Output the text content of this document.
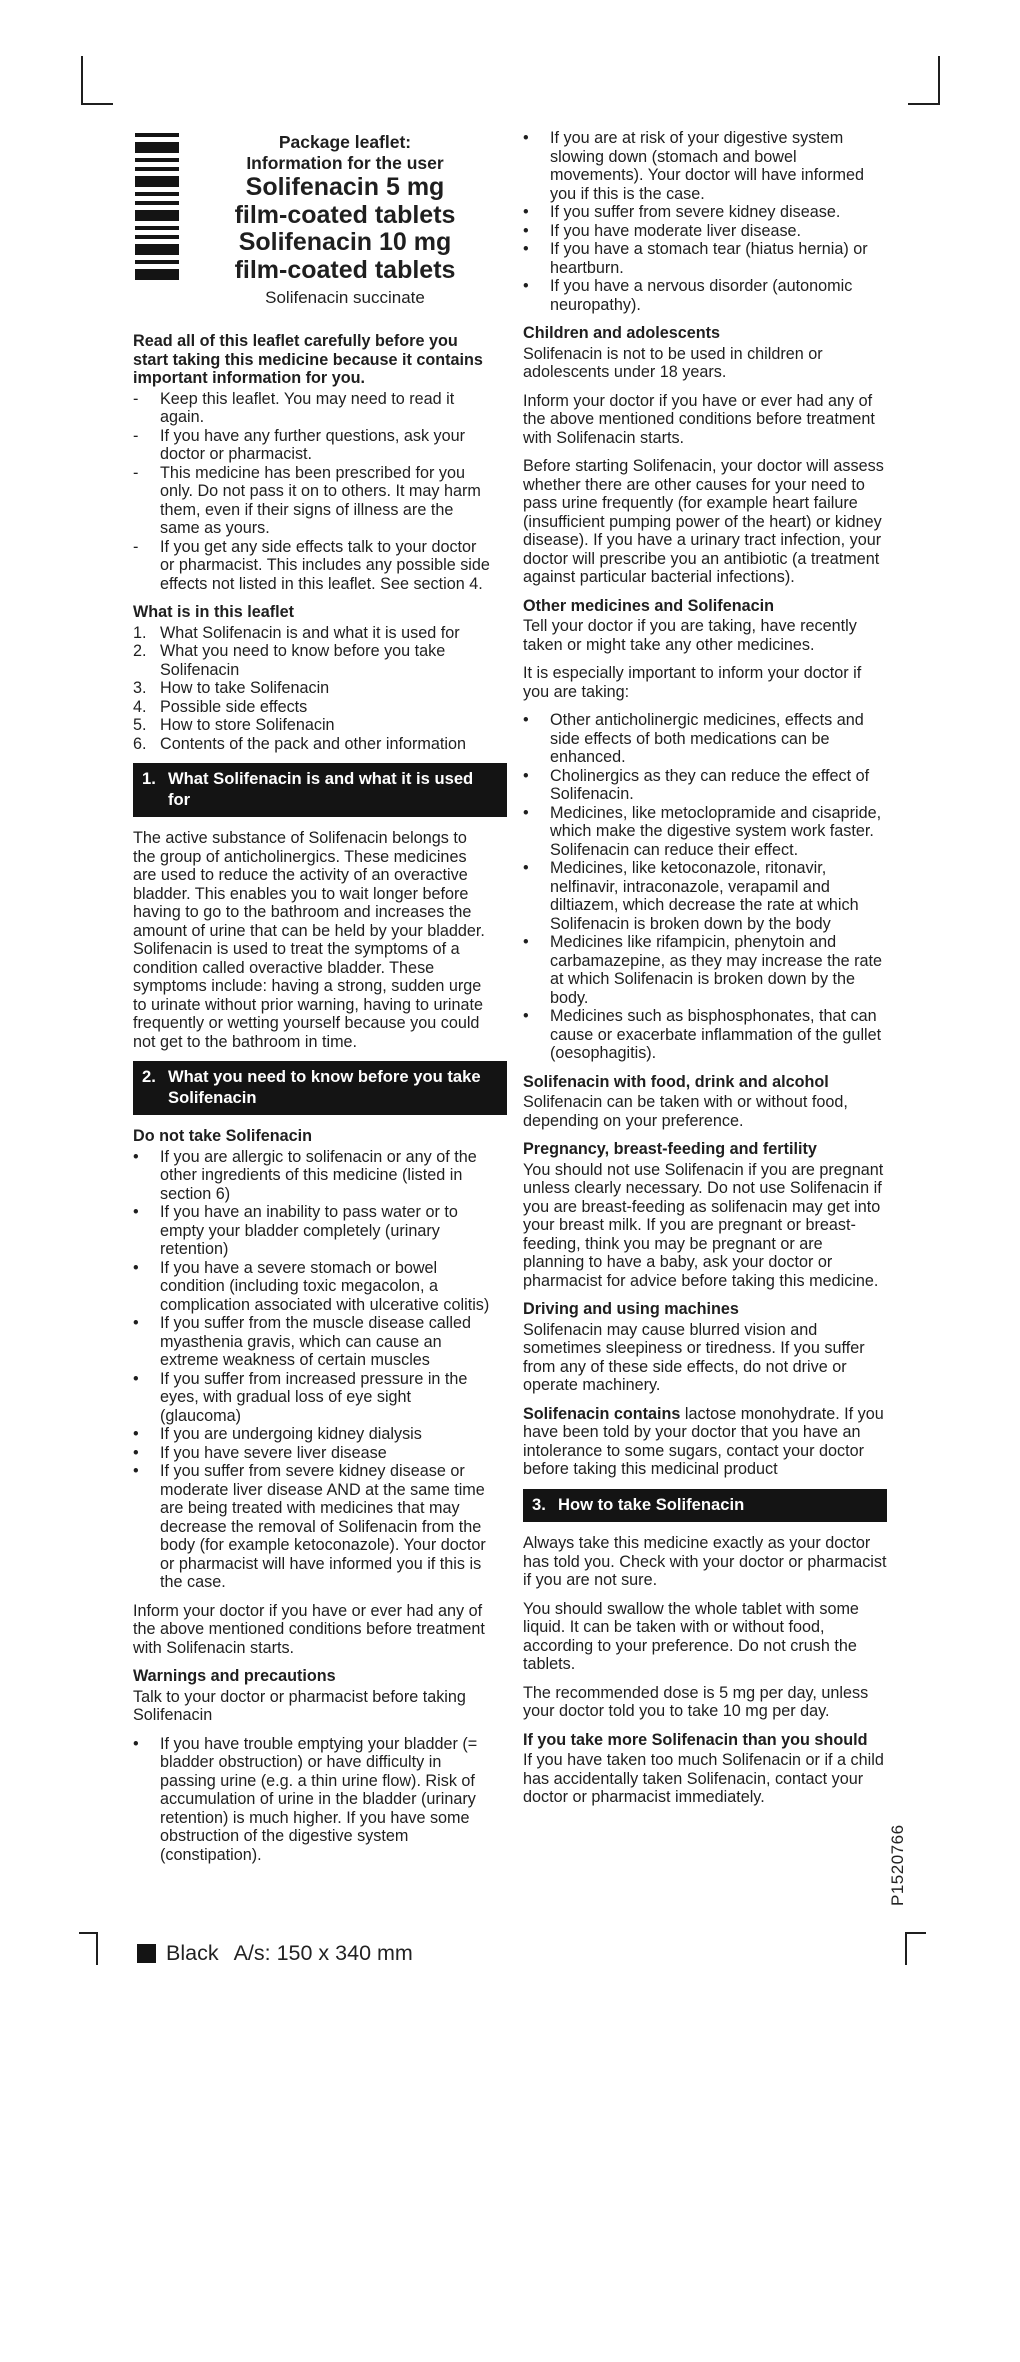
Package leaflet:
Information for the user
Solifenacin 5 mg
film-coated tablets
Solifenacin 10 mg
film-coated tablets
Solifenacin succinate
Read all of this leaflet carefully before you start taking this medicine because it contains important information for you.
-	Keep this leaflet. You may need to read it again.
-	If you have any further questions, ask your doctor or pharmacist.
-	This medicine has been prescribed for you only. Do not pass it on to others. It may harm them, even if their signs of illness are the same as yours.
-	If you get any side effects talk to your doctor or pharmacist. This includes any possible side effects not listed in this leaflet. See section 4.
What is in this leaflet
1. What Solifenacin is and what it is used for
2. What you need to know before you take Solifenacin
3. How to take Solifenacin
4. Possible side effects
5. How to store Solifenacin
6. Contents of the pack and other information
1. What Solifenacin is and what it is used for
The active substance of Solifenacin belongs to the group of anticholinergics. These medicines are used to reduce the activity of an overactive bladder. This enables you to wait longer before having to go to the bathroom and increases the amount of urine that can be held by your bladder. Solifenacin is used to treat the symptoms of a condition called overactive bladder. These symptoms include: having a strong, sudden urge to urinate without prior warning, having to urinate frequently or wetting yourself because you could not get to the bathroom in time.
2. What you need to know before you take Solifenacin
Do not take Solifenacin
•	If you are allergic to solifenacin or any of the other ingredients of this medicine (listed in section 6)
•	If you have an inability to pass water or to empty your bladder completely (urinary retention)
•	If you have a severe stomach or bowel condition (including toxic megacolon, a complication associated with ulcerative colitis)
•	If you suffer from the muscle disease called myasthenia gravis, which can cause an extreme weakness of certain muscles
•	If you suffer from increased pressure in the eyes, with gradual loss of eye sight (glaucoma)
•	If you are undergoing kidney dialysis
•	If you have severe liver disease
•	If you suffer from severe kidney disease or moderate liver disease AND at the same time are being treated with medicines that may decrease the removal of Solifenacin from the body (for example ketoconazole). Your doctor or pharmacist will have informed you if this is the case.
Inform your doctor if you have or ever had any of the above mentioned conditions before treatment with Solifenacin starts.
Warnings and precautions
Talk to your doctor or pharmacist before taking Solifenacin
•	If you have trouble emptying your bladder (= bladder obstruction) or have difficulty in passing urine (e.g. a thin urine flow). Risk of accumulation of urine in the bladder (urinary retention) is much higher. If you have some obstruction of the digestive system (constipation).
•	If you are at risk of your digestive system slowing down (stomach and bowel movements). Your doctor will have informed you if this is the case.
•	If you suffer from severe kidney disease.
•	If you have moderate liver disease.
•	If you have a stomach tear (hiatus hernia) or heartburn.
•	If you have a nervous disorder (autonomic neuropathy).
Children and adolescents
Solifenacin is not to be used in children or adolescents under 18 years.
Inform your doctor if you have or ever had any of the above mentioned conditions before treatment with Solifenacin starts.
Before starting Solifenacin, your doctor will assess whether there are other causes for your need to pass urine frequently (for example heart failure (insufficient pumping power of the heart) or kidney disease). If you have a urinary tract infection, your doctor will prescribe you an antibiotic (a treatment against particular bacterial infections).
Other medicines and Solifenacin
Tell your doctor if you are taking, have recently taken or might take any other medicines.
It is especially important to inform your doctor if you are taking:
•	Other anticholinergic medicines, effects and side effects of both medications can be enhanced.
•	Cholinergics as they can reduce the effect of Solifenacin.
•	Medicines, like metoclopramide and cisapride, which make the digestive system work faster. Solifenacin can reduce their effect.
•	Medicines, like ketoconazole, ritonavir, nelfinavir, intraconazole, verapamil and diltiazem, which decrease the rate at which Solifenacin is broken down by the body
•	Medicines like rifampicin, phenytoin and carbamazepine, as they may increase the rate at which Solifenacin is broken down by the body.
•	Medicines such as bisphosphonates, that can cause or exacerbate inflammation of the gullet (oesophagitis).
Solifenacin with food, drink and alcohol
Solifenacin can be taken with or without food, depending on your preference.
Pregnancy, breast-feeding and fertility
You should not use Solifenacin if you are pregnant unless clearly necessary. Do not use Solifenacin if you are breast-feeding as solifenacin may get into your breast milk. If you are pregnant or breast-feeding, think you may be pregnant or are planning to have a baby, ask your doctor or pharmacist for advice before taking this medicine.
Driving and using machines
Solifenacin may cause blurred vision and sometimes sleepiness or tiredness. If you suffer from any of these side effects, do not drive or operate machinery.
Solifenacin contains lactose monohydrate. If you have been told by your doctor that you have an intolerance to some sugars, contact your doctor before taking this medicinal product
3. How to take Solifenacin
Always take this medicine exactly as your doctor has told you. Check with your doctor or pharmacist if you are not sure.
You should swallow the whole tablet with some liquid. It can be taken with or without food, according to your preference. Do not crush the tablets.
The recommended dose is 5 mg per day, unless your doctor told you to take 10 mg per day.
If you take more Solifenacin than you should
If you have taken too much Solifenacin or if a child has accidentally taken Solifenacin, contact your doctor or pharmacist immediately.
P1520766
Black A/s: 150 x 340 mm
